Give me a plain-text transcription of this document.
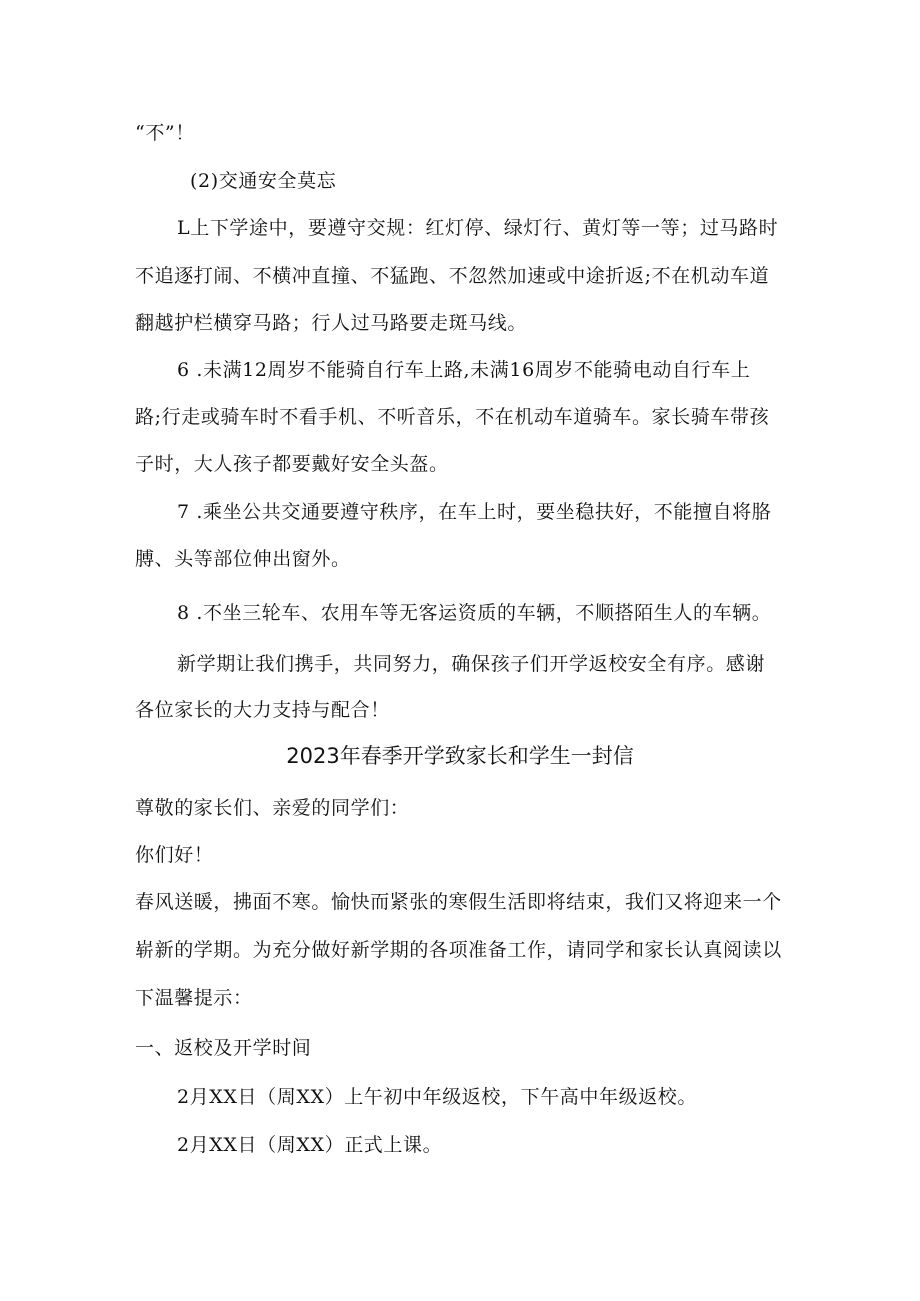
“不”！
(2)交通安全莫忘
L上下学途中，要遵守交规：红灯停、绿灯行、黄灯等一等；过马路时
不追逐打闹、不横冲直撞、不猛跑、不忽然加速或中途折返;不在机动车道
翻越护栏横穿马路；行人过马路要走斑马线。
6 .未满12周岁不能骑自行车上路,未满16周岁不能骑电动自行车上
路;行走或骑车时不看手机、不听音乐，不在机动车道骑车。家长骑车带孩
子时，大人孩子都要戴好安全头盔。
7 .乘坐公共交通要遵守秩序，在车上时，要坐稳扶好，不能擅自将胳
膊、头等部位伸出窗外。
8 .不坐三轮车、农用车等无客运资质的车辆，不顺搭陌生人的车辆。
新学期让我们携手，共同努力，确保孩子们开学返校安全有序。感谢
各位家长的大力支持与配合！
2023年春季开学致家长和学生一封信
尊敬的家长们、亲爱的同学们：
你们好！
春风送暖，拂面不寒。愉快而紧张的寒假生活即将结束，我们又将迎来一个
崭新的学期。为充分做好新学期的各项准备工作，请同学和家长认真阅读以
下温馨提示：
一、返校及开学时间
2月XX日（周XX）上午初中年级返校，下午高中年级返校。
2月XX日（周XX）正式上课。
